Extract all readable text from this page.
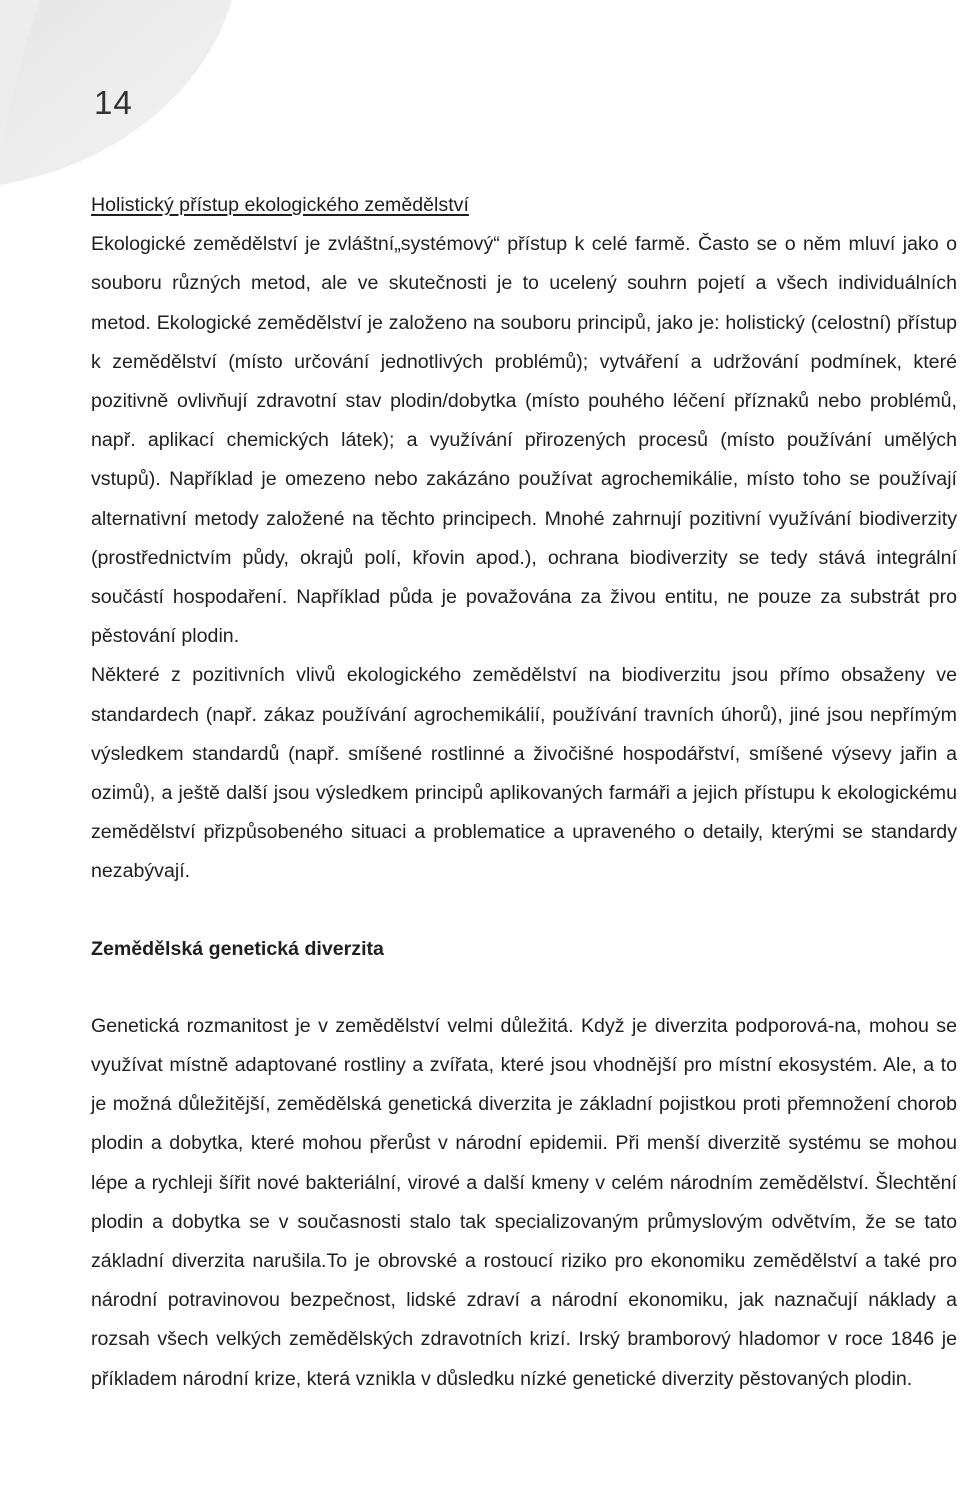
14

Holistický přístup ekologického zemědělství

Ekologické zemědělství je zvláštní„systémový“ přístup k celé farmě. Často se o něm mluví jako o souboru různých metod, ale ve skutečnosti je to ucelený souhrn pojetí a všech individuálních metod. Ekologické zemědělství je založeno na souboru principů, jako je: holistický (celostní) přístup k zemědělství (místo určování jednotlivých problémů); vytváření a udržování podmínek, které pozitivně ovlivňují zdravotní stav plodin/dobytka (místo pouhého léčení příznaků nebo problémů, např. aplikací chemických látek); a využívání přirozených procesů (místo používání umělých vstupů). Například je omezeno nebo zakázáno používat agrochemikálie, místo toho se používají alternativní metody založené na těchto principech. Mnohé zahrnují pozitivní využívání biodiverzity (prostřednictvím půdy, okrajů polí, křovin apod.), ochrana biodiverzity se tedy stává integrální součástí hospodaření. Například půda je považována za živou entitu, ne pouze za substrát pro pěstování plodin.

Některé z pozitivních vlivů ekologického zemědělství na biodiverzitu jsou přímo obsaženy ve standardech (např. zákaz používání agrochemikálií, používání travních úhorů), jiné jsou nepřímým výsledkem standardů (např. smíšené rostlinné a živočišné hospodářství, smíšené výsevy jařin a ozimů), a ještě další jsou výsledkem principů aplikovaných farmáři a jejich přístupu k ekologickému zemědělství přizpůsobeného situaci a problematice a upraveného o detaily, kterými se standardy nezabývají.

Zemědělská genetická diverzita

Genetická rozmanitost je v zemědělství velmi důležitá. Když je diverzita podporová-na, mohou se využívat místně adaptované rostliny a zvířata, které jsou vhodnější pro místní ekosystém. Ale, a to je možná důležitější, zemědělská genetická diverzita je základní pojistkou proti přemnožení chorob plodin a dobytka, které mohou přerůst v národní epidemii. Při menší diverzitě systému se mohou lépe a rychleji šířit nové bakteriální, virové a další kmeny v celém národním zemědělství. Šlechtění plodin a dobytka se v současnosti stalo tak specializovaným průmyslovým odvětvím, že se tato základní diverzita narušila.To je obrovské a rostoucí riziko pro ekonomiku zemědělství a také pro národní potravinovou bezpečnost, lidské zdraví a národní ekonomiku, jak naznačují náklady a rozsah všech velkých zemědělských zdravotních krizí. Irský bramborový hladomor v roce 1846 je příkladem národní krize, která vznikla v důsledku nízké genetické diverzity pěstovaných plodin.
